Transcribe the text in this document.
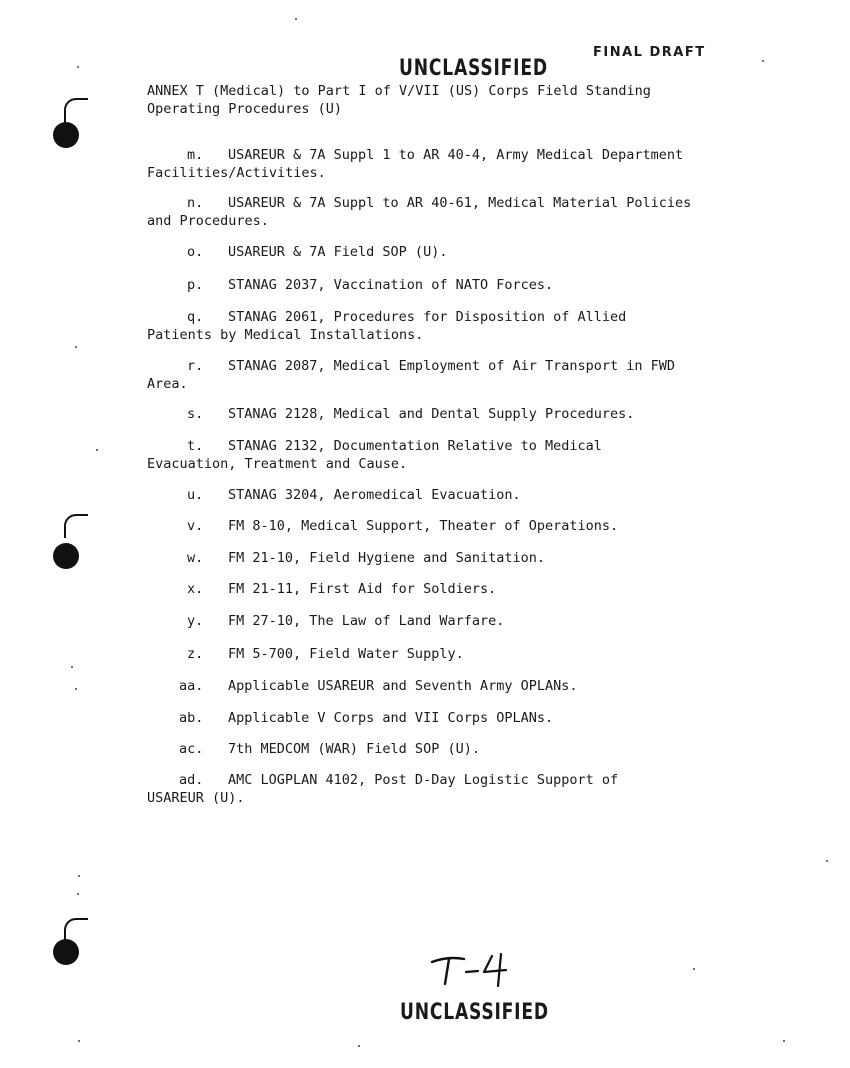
UNCLASSIFIED
FINAL DRAFT
ANNEX T (Medical) to Part I of V/VII (US) Corps Field Standing
Operating Procedures (U)
m. USAREUR & 7A Suppl 1 to AR 40-4, Army Medical Department
Facilities/Activities.
n. USAREUR & 7A Suppl to AR 40-61, Medical Material Policies
and Procedures.
o. USAREUR & 7A Field SOP (U).
p. STANAG 2037, Vaccination of NATO Forces.
q. STANAG 2061, Procedures for Disposition of Allied
Patients by Medical Installations.
r. STANAG 2087, Medical Employment of Air Transport in FWD
Area.
s. STANAG 2128, Medical and Dental Supply Procedures.
t. STANAG 2132, Documentation Relative to Medical
Evacuation, Treatment and Cause.
u. STANAG 3204, Aeromedical Evacuation.
v. FM 8-10, Medical Support, Theater of Operations.
w. FM 21-10, Field Hygiene and Sanitation.
x. FM 21-11, First Aid for Soldiers.
y. FM 27-10, The Law of Land Warfare.
z. FM 5-700, Field Water Supply.
aa. Applicable USAREUR and Seventh Army OPLANs.
ab. Applicable V Corps and VII Corps OPLANs.
ac. 7th MEDCOM (WAR) Field SOP (U).
ad. AMC LOGPLAN 4102, Post D-Day Logistic Support of
USAREUR (U).
UNCLASSIFIED
